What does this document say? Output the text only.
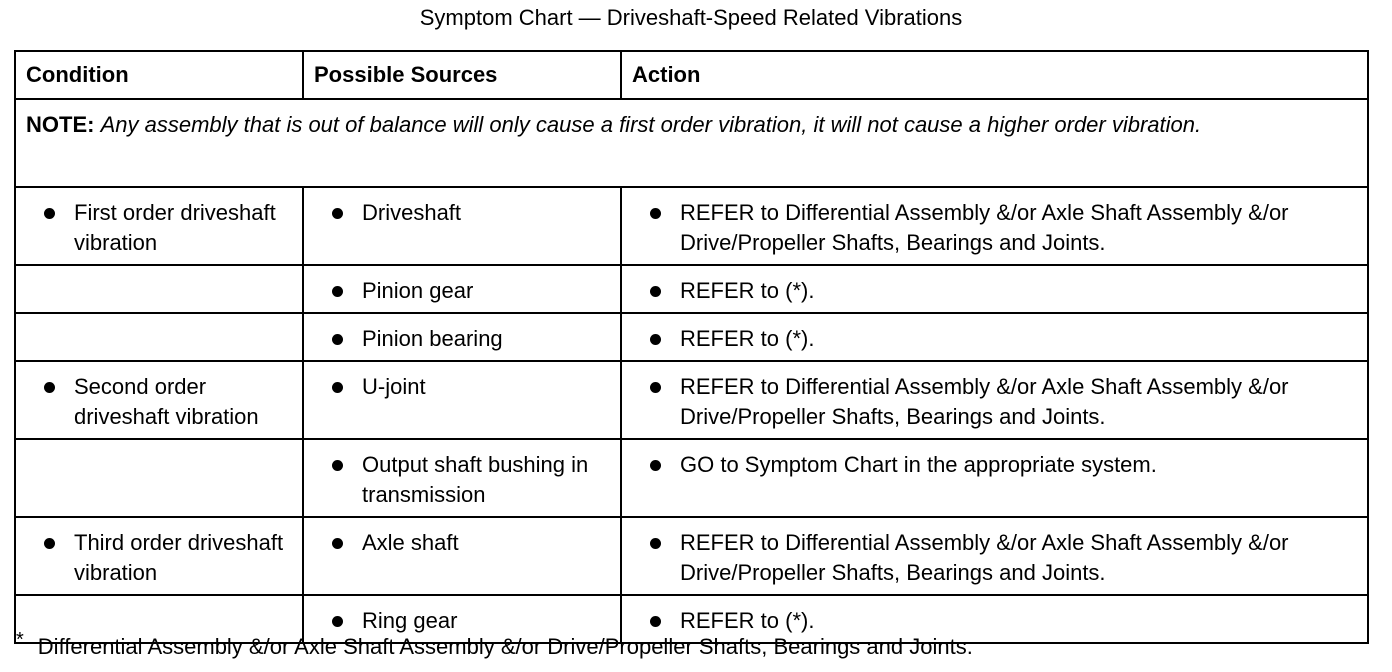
Symptom Chart — Driveshaft-Speed Related Vibrations
Condition	Possible Sources	Action
NOTE: Any assembly that is out of balance will only cause a first order vibration, it will not cause a higher order vibration.		

First order driveshaft vibration	Driveshaft	REFER to Differential Assembly &/or Axle Shaft Assembly &/or Drive/Propeller Shafts, Bearings and Joints.

	Pinion gear	REFER to (*).

	Pinion bearing	REFER to (*).

Second order driveshaft vibration	U-joint	REFER to Differential Assembly &/or Axle Shaft Assembly &/or Drive/Propeller Shafts, Bearings and Joints.

	Output shaft bushing in transmission	GO to Symptom Chart in the appropriate system.

Third order driveshaft vibration	Axle shaft	REFER to Differential Assembly &/or Axle Shaft Assembly &/or Drive/Propeller Shafts, Bearings and Joints.

	Ring gear	REFER to (*).
* Differential Assembly &/or Axle Shaft Assembly &/or Drive/Propeller Shafts, Bearings and Joints.
